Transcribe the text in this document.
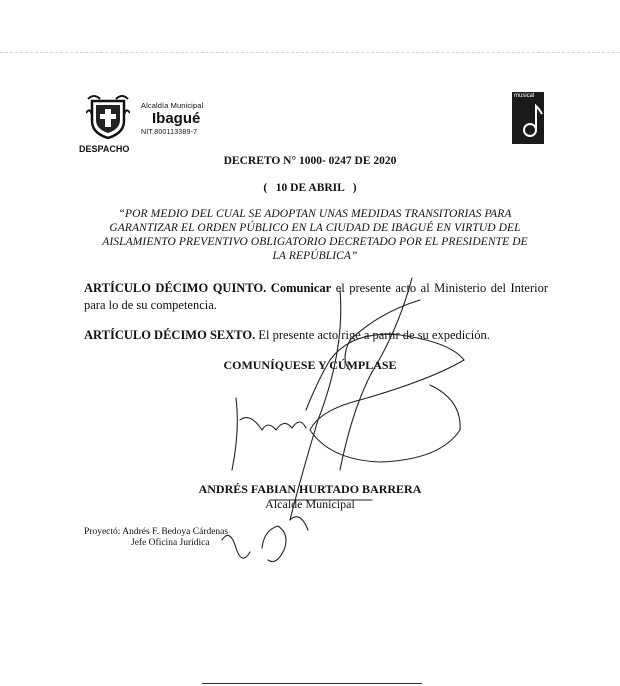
Alcaldía Municipal
Ibagué
NIT.800113389-7
DESPACHO
musical
DECRETO N° 1000- 0247 DE 2020
(   10 DE ABRIL   )
“POR MEDIO DEL CUAL SE ADOPTAN UNAS MEDIDAS TRANSITORIAS PARA GARANTIZAR EL ORDEN PÚBLICO EN LA CIUDAD DE IBAGUÉ EN VIRTUD DEL AISLAMIENTO PREVENTIVO OBLIGATORIO DECRETADO POR EL PRESIDENTE DE LA REPÚBLICA”
ARTÍCULO DÉCIMO QUINTO. Comunicar el presente acto al Ministerio del Interior para lo de su competencia.
ARTÍCULO DÉCIMO SEXTO. El presente acto rige a partir de su expedición.
COMUNÍQUESE Y CÚMPLASE
ANDRÉS FABIAN HURTADO BARRERA
Alcalde Municipal
Proyectó: Andrés F. Bedoya Cárdenas
Jefe Oficina Jurídica
